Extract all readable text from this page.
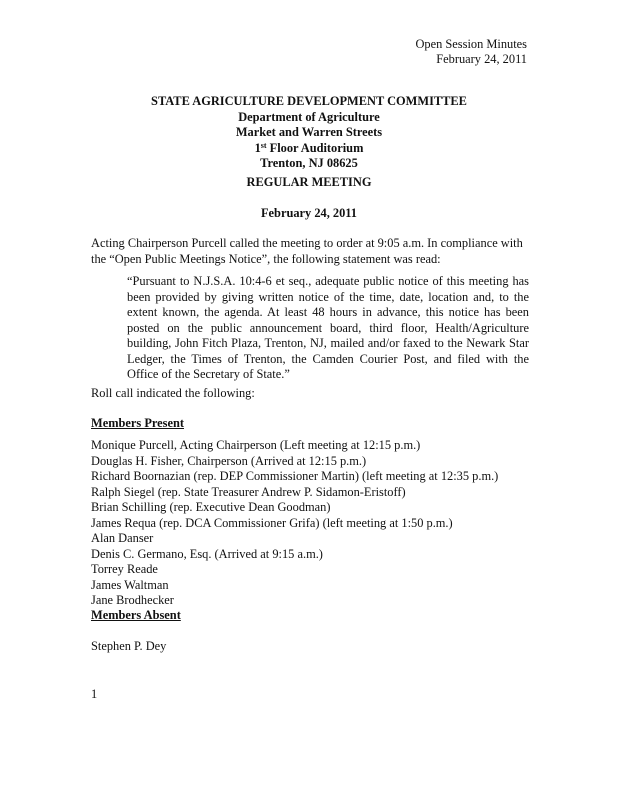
Open Session Minutes
February 24, 2011
STATE AGRICULTURE DEVELOPMENT COMMITTEE
Department of Agriculture
Market and Warren Streets
1st Floor Auditorium
Trenton, NJ 08625
REGULAR MEETING
February 24, 2011
Acting Chairperson Purcell called the meeting to order at 9:05 a.m. In compliance with the “Open Public Meetings Notice”, the following statement was read:
“Pursuant to N.J.S.A. 10:4-6 et seq., adequate public notice of this meeting has been provided by giving written notice of the time, date, location and, to the extent known, the agenda. At least 48 hours in advance, this notice has been posted on the public announcement board, third floor, Health/Agriculture building, John Fitch Plaza, Trenton, NJ, mailed and/or faxed to the Newark Star Ledger, the Times of Trenton, the Camden Courier Post, and filed with the Office of the Secretary of State.”
Roll call indicated the following:
Members Present
Monique Purcell, Acting Chairperson (Left meeting at 12:15 p.m.)
Douglas H. Fisher, Chairperson (Arrived at 12:15 p.m.)
Richard Boornazian (rep. DEP Commissioner Martin) (left meeting at 12:35 p.m.)
Ralph Siegel (rep. State Treasurer Andrew P. Sidamon-Eristoff)
Brian Schilling (rep. Executive Dean Goodman)
James Requa (rep. DCA Commissioner Grifa) (left meeting at 1:50 p.m.)
Alan Danser
Denis C. Germano, Esq. (Arrived at 9:15 a.m.)
Torrey Reade
James Waltman
Jane Brodhecker
Members Absent
Stephen P. Dey
1
